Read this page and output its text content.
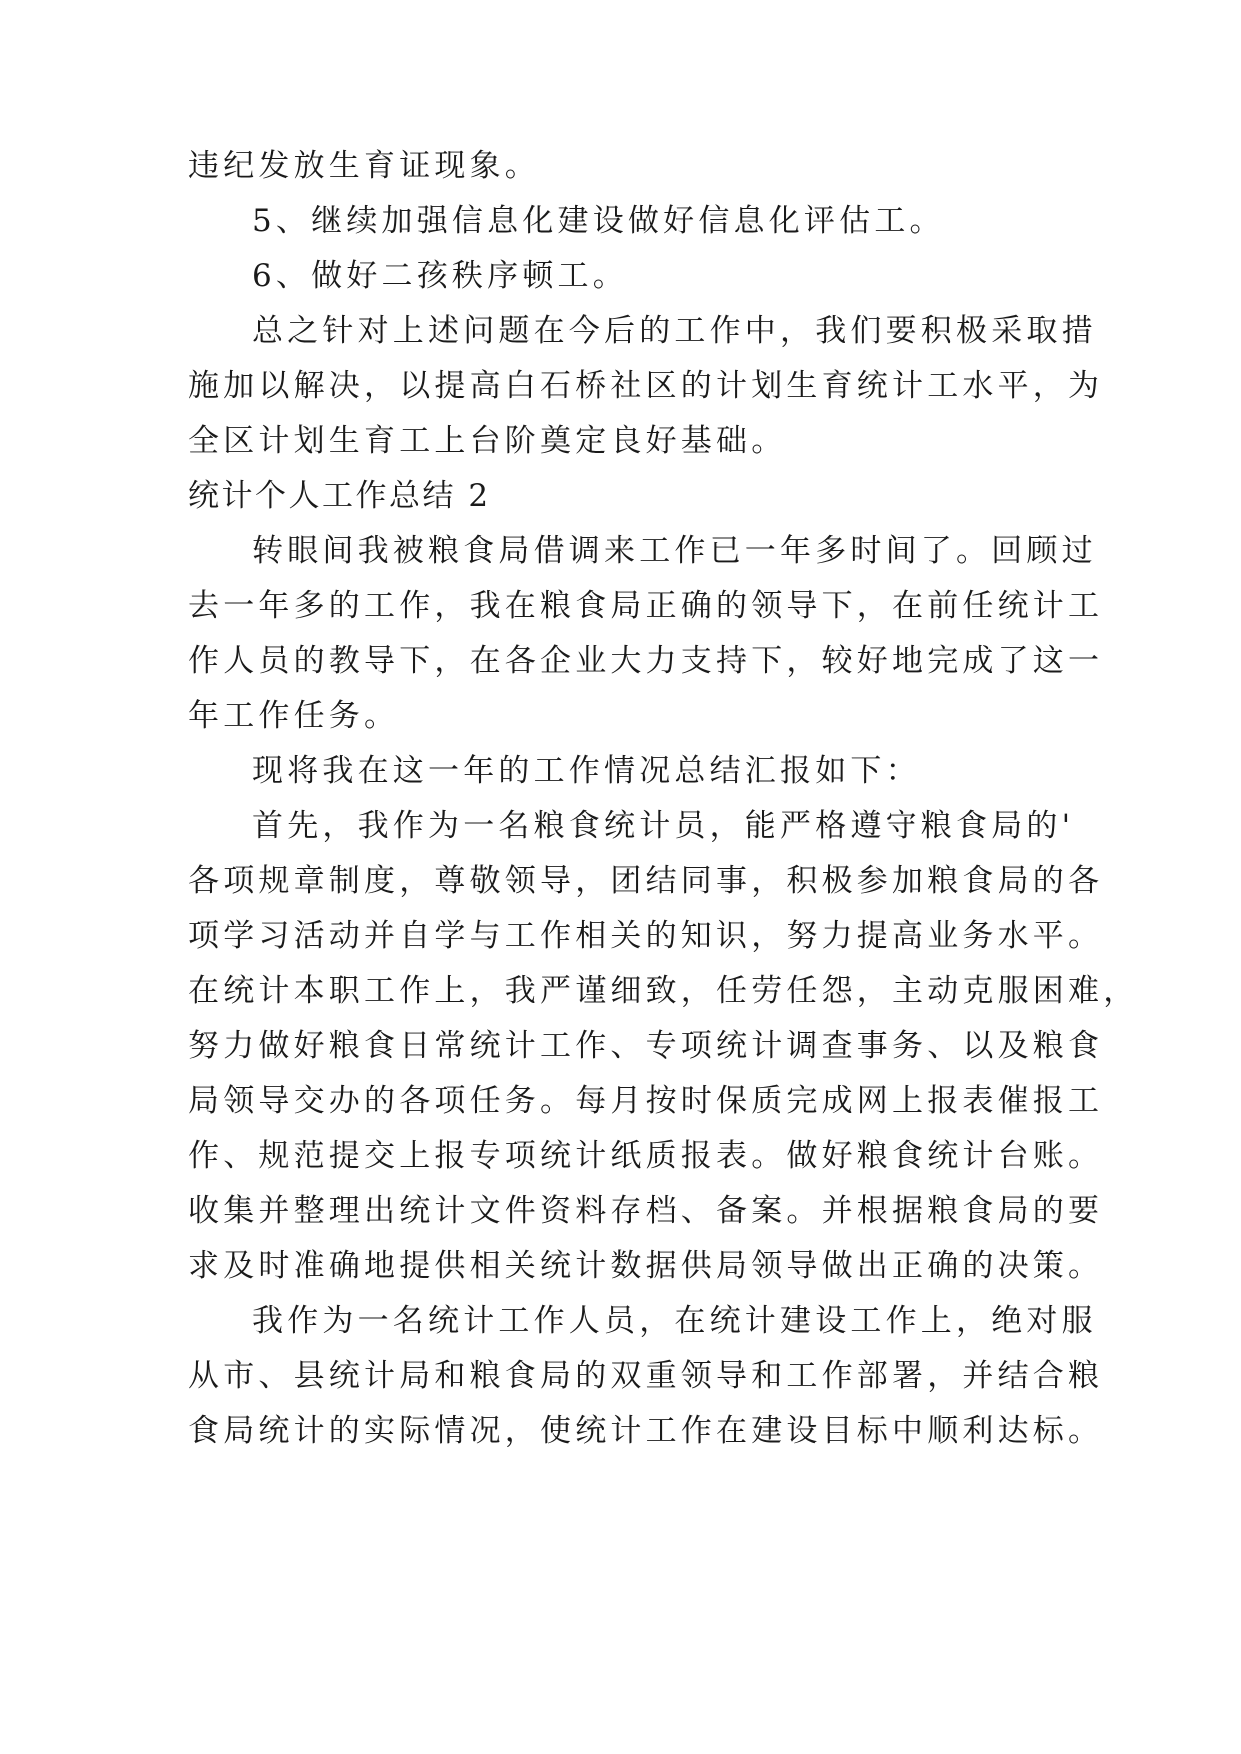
违纪发放生育证现象。
5、继续加强信息化建设做好信息化评估工。
6、做好二孩秩序顿工。
总之针对上述问题在今后的工作中，我们要积极采取措
施加以解决，以提高白石桥社区的计划生育统计工水平，为
全区计划生育工上台阶奠定良好基础。
统计个人工作总结 2
转眼间我被粮食局借调来工作已一年多时间了。回顾过
去一年多的工作，我在粮食局正确的领导下，在前任统计工
作人员的教导下，在各企业大力支持下，较好地完成了这一
年工作任务。
现将我在这一年的工作情况总结汇报如下：
首先，我作为一名粮食统计员，能严格遵守粮食局的'
各项规章制度，尊敬领导，团结同事，积极参加粮食局的各
项学习活动并自学与工作相关的知识，努力提高业务水平。
在统计本职工作上，我严谨细致，任劳任怨，主动克服困难，
努力做好粮食日常统计工作、专项统计调查事务、以及粮食
局领导交办的各项任务。每月按时保质完成网上报表催报工
作、规范提交上报专项统计纸质报表。做好粮食统计台账。
收集并整理出统计文件资料存档、备案。并根据粮食局的要
求及时准确地提供相关统计数据供局领导做出正确的决策。
我作为一名统计工作人员，在统计建设工作上，绝对服
从市、县统计局和粮食局的双重领导和工作部署，并结合粮
食局统计的实际情况，使统计工作在建设目标中顺利达标。
